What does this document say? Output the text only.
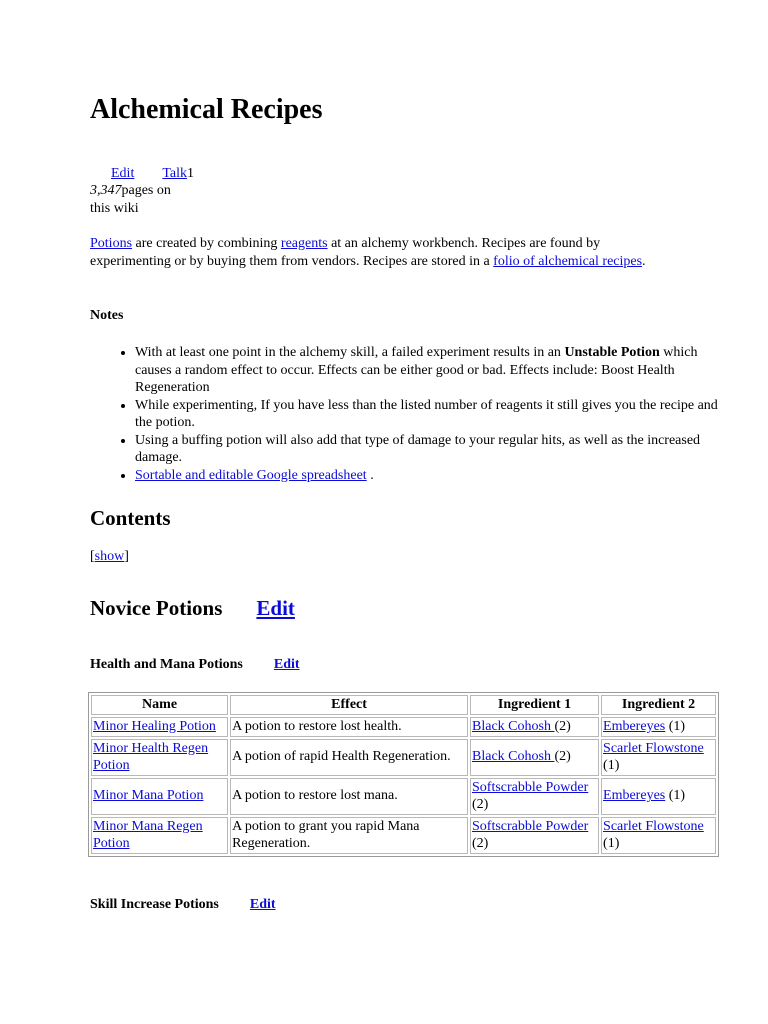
Alchemical Recipes
Edit Talk1
3,347pages on
this wiki

Potions are created by combining reagents at an alchemy workbench. Recipes are found by experimenting or by buying them from vendors. Recipes are stored in a folio of alchemical recipes.

Notes
• With at least one point in the alchemy skill, a failed experiment results in an Unstable Potion which causes a random effect to occur. Effects can be either good or bad. Effects include: Boost Health Regeneration
• While experimenting, If you have less than the listed number of reagents it still gives you the recipe and the potion.
• Using a buffing potion will also add that type of damage to your regular hits, as well as the increased damage.
• Sortable and editable Google spreadsheet .
Contents
[show]
Novice Potions Edit
Health and Mana Potions Edit
Name	Effect	Ingredient 1	Ingredient 2
Minor Healing Potion	A potion to restore lost health.	Black Cohosh (2)	Embereyes (1)
Minor Health Regen Potion	A potion of rapid Health Regeneration.	Black Cohosh (2)	Scarlet Flowstone (1)
Minor Mana Potion	A potion to restore lost mana.	Softscrabble Powder (2)	Embereyes (1)
Minor Mana Regen Potion	A potion to grant you rapid Mana Regeneration.	Softscrabble Powder (2)	Scarlet Flowstone (1)
Skill Increase Potions Edit
